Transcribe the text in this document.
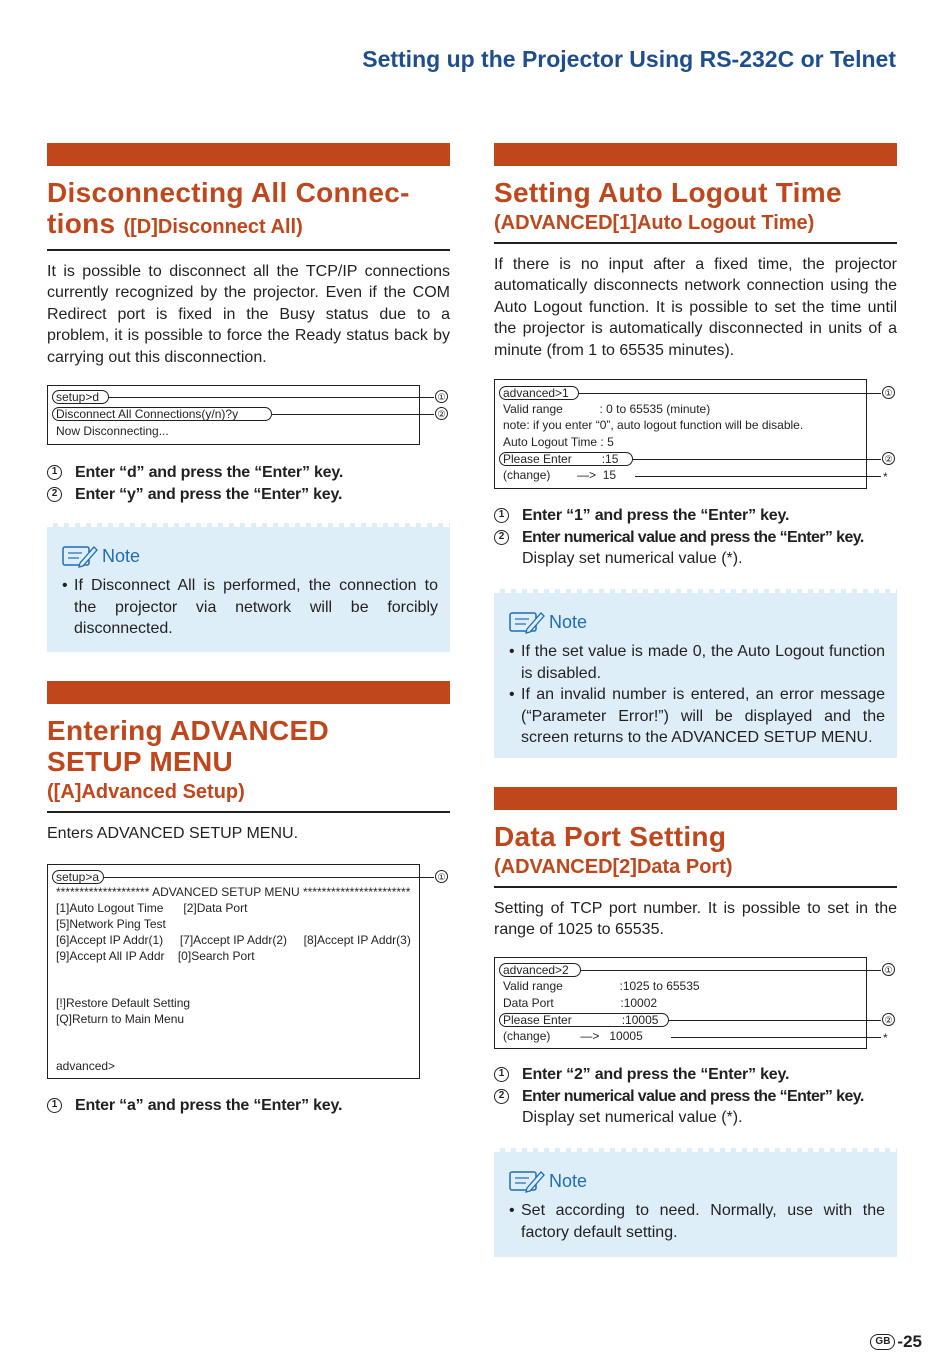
Setting up the Projector Using RS-232C or Telnet
Disconnecting All Connec-
tions ([D]Disconnect All)
It is possible to disconnect all the TCP/IP connections currently recognized by the projector. Even if the COM Redirect port is fixed in the Busy status due to a problem, it is possible to force the Ready status back by carrying out this disconnection.
setup>d
Disconnect All Connections(y/n)?y
Now Disconnecting...
①
②
1 Enter “d” and press the “Enter” key.
2 Enter “y” and press the “Enter” key.
Note
• If Disconnect All is performed, the connection to the projector via network will be forcibly disconnected.
Entering ADVANCED
SETUP MENU
([A]Advanced Setup)
Enters ADVANCED SETUP MENU.
setup>a	①
******************** ADVANCED SETUP MENU ***********************
[1]Auto Logout Time      [2]Data Port
[5]Network Ping Test
[6]Accept IP Addr(1)     [7]Accept IP Addr(2)     [8]Accept IP Addr(3)
[9]Accept All IP Addr    [0]Search Port
[!]Restore Default Setting
[Q]Return to Main Menu
advanced>
1 Enter “a” and press the “Enter” key.
Setting Auto Logout Time
(ADVANCED[1]Auto Logout Time)
If there is no input after a fixed time, the projector automatically disconnects network connection using the Auto Logout function. It is possible to set the time until the projector is automatically disconnected in units of a minute (from 1 to 65535 minutes).
advanced>1	①
Valid range           : 0 to 65535 (minute)
note: if you enter “0”, auto logout function will be disable.
Auto Logout Time : 5
Please Enter         :15	②
(change)        —>  15	*
1 Enter “1” and press the “Enter” key.
2 Enter numerical value and press the “Enter” key.
Display set numerical value (*).
Note
• If the set value is made 0, the Auto Logout function is disabled.
• If an invalid number is entered, an error message (“Parameter Error!”) will be displayed and the screen returns to the ADVANCED SETUP MENU.
Data Port Setting
(ADVANCED[2]Data Port)
Setting of TCP port number. It is possible to set in the range of 1025 to 65535.
advanced>2	①
Valid range                 :1025 to 65535
Data Port                    :10002
Please Enter               :10005	②
(change)         —>   10005	*
1 Enter “2” and press the “Enter” key.
2 Enter numerical value and press the “Enter” key.
Display set numerical value (*).
Note
• Set according to need. Normally, use with the factory default setting.
GB -25
